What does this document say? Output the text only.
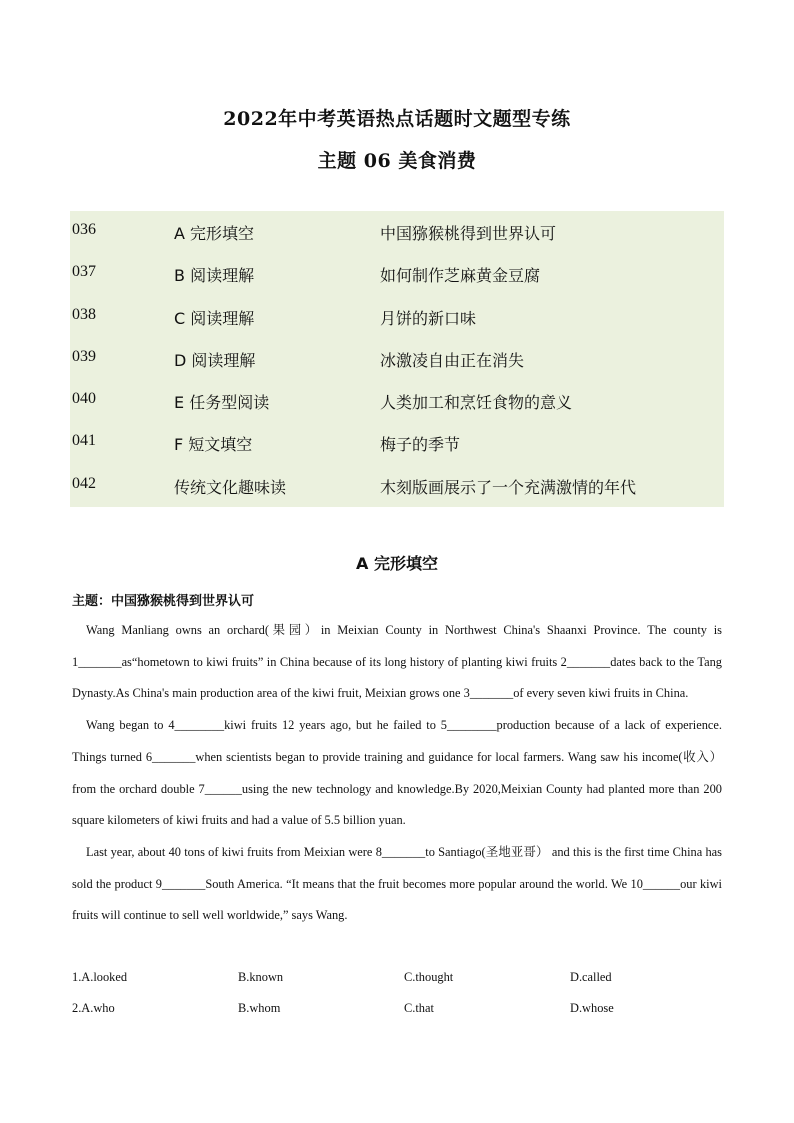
2022年中考英语热点话题时文题型专练
主题 06 美食消费
036	A 完形填空	中国猕猴桃得到世界认可
037	B 阅读理解	如何制作芝麻黄金豆腐
038	C 阅读理解	月饼的新口味
039	D 阅读理解	冰激凌自由正在消失
040	E 任务型阅读	人类加工和烹饪食物的意义
041	F 短文填空	梅子的季节
042	传统文化趣味读	木刻版画展示了一个充满激情的年代
A 完形填空
主题：中国猕猴桃得到世界认可

Wang Manliang owns an orchard(果园）in Meixian County in Northwest China's Shaanxi Province. The county is 1_______as“hometown to kiwi fruits” in China because of its long history of planting kiwi fruits 2_______dates back to the Tang Dynasty.As China's main production area of the kiwi fruit, Meixian grows one 3_______of every seven kiwi fruits in China.

Wang began to 4________kiwi fruits 12 years ago, but he failed to 5________production because of a lack of experience. Things turned 6_______when scientists began to provide training and guidance for local farmers. Wang saw his income(收入）from the orchard double 7______using the new technology and knowledge.By 2020,Meixian County had planted more than 200 square kilometers of kiwi fruits and had a value of 5.5 billion yuan.

Last year, about 40 tons of kiwi fruits from Meixian were 8_______to Santiago(圣地亚哥） and this is the first time China has sold the product 9_______South America. “It means that the fruit becomes more popular around the world. We 10______our kiwi fruits will continue to sell well worldwide,” says Wang.

1.A.looked	B.known	C.thought	D.called
2.A.who	B.whom	C.that	D.whose
